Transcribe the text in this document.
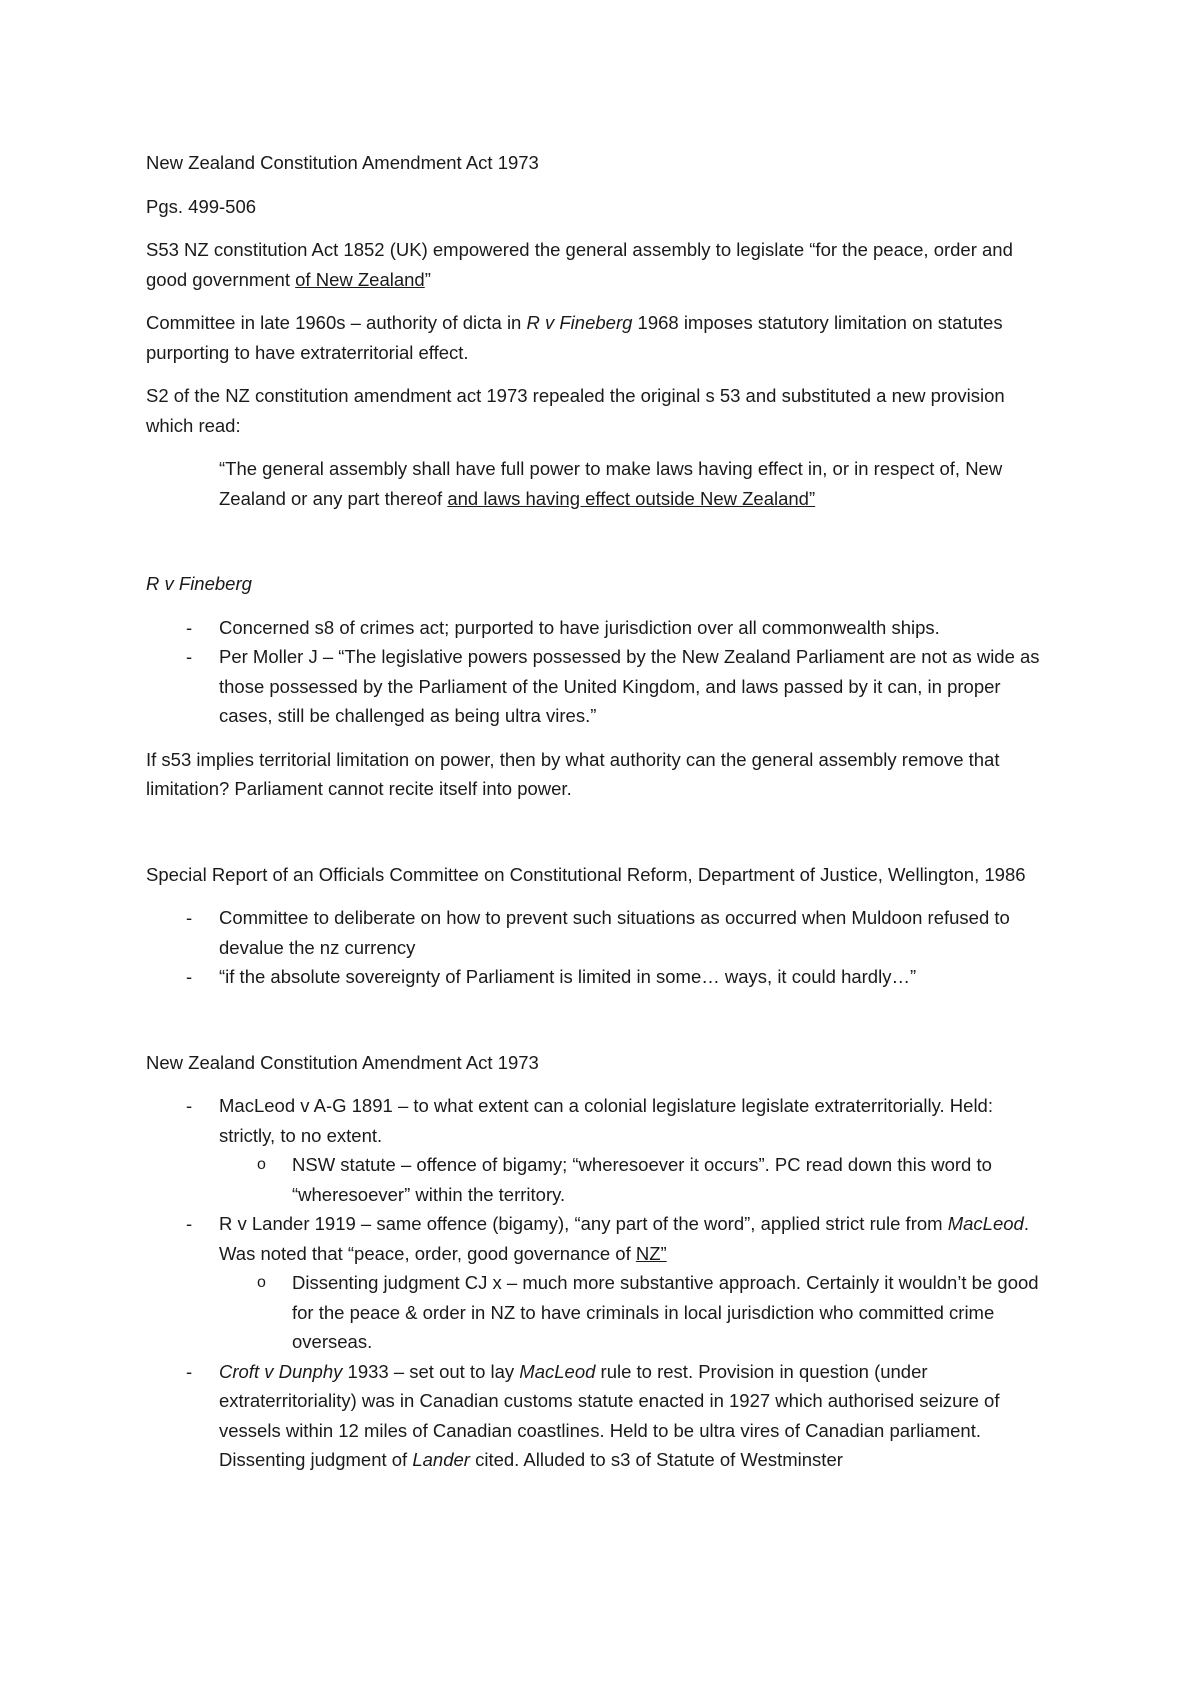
New Zealand Constitution Amendment Act 1973

Pgs. 499-506

S53 NZ constitution Act 1852 (UK) empowered the general assembly to legislate “for the peace, order and good government of New Zealand”

Committee in late 1960s – authority of dicta in R v Fineberg 1968 imposes statutory limitation on statutes purporting to have extraterritorial effect.

S2 of the NZ constitution amendment act 1973 repealed the original s 53 and substituted a new provision which read:

“The general assembly shall have full power to make laws having effect in, or in respect of, New Zealand or any part thereof and laws having effect outside New Zealand”

R v Fineberg

- Concerned s8 of crimes act; purported to have jurisdiction over all commonwealth ships.
- Per Moller J – “The legislative powers possessed by the New Zealand Parliament are not as wide as those possessed by the Parliament of the United Kingdom, and laws passed by it can, in proper cases, still be challenged as being ultra vires.”

If s53 implies territorial limitation on power, then by what authority can the general assembly remove that limitation? Parliament cannot recite itself into power.

Special Report of an Officials Committee on Constitutional Reform, Department of Justice, Wellington, 1986

- Committee to deliberate on how to prevent such situations as occurred when Muldoon refused to devalue the nz currency
- “if the absolute sovereignty of Parliament is limited in some… ways, it could hardly…”

New Zealand Constitution Amendment Act 1973

- MacLeod v A-G 1891 – to what extent can a colonial legislature legislate extraterritorially. Held: strictly, to no extent.
o NSW statute – offence of bigamy; “wheresoever it occurs”. PC read down this word to “wheresoever” within the territory.
- R v Lander 1919 – same offence (bigamy), “any part of the word”, applied strict rule from MacLeod. Was noted that “peace, order, good governance of NZ”
o Dissenting judgment CJ x – much more substantive approach. Certainly it wouldn’t be good for the peace & order in NZ to have criminals in local jurisdiction who committed crime overseas.
- Croft v Dunphy 1933 – set out to lay MacLeod rule to rest. Provision in question (under extraterritoriality) was in Canadian customs statute enacted in 1927 which authorised seizure of vessels within 12 miles of Canadian coastlines. Held to be ultra vires of Canadian parliament. Dissenting judgment of Lander cited. Alluded to s3 of Statute of Westminster
